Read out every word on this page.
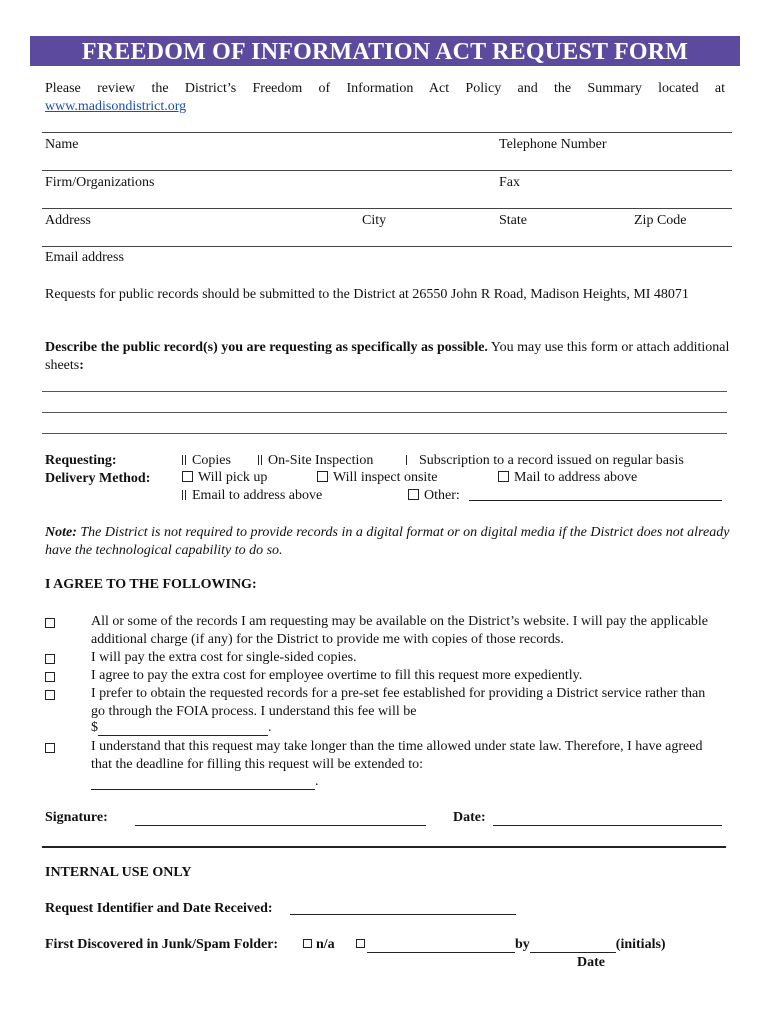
FREEDOM OF INFORMATION ACT REQUEST FORM
Please review the District’s Freedom of Information Act Policy and the Summary located at
www.madisondistrict.org
Name	Telephone Number
Firm/Organizations	Fax
Address	City	State	Zip Code
Email address
Requests for public records should be submitted to the District at 26550 John R Road, Madison Heights, MI 48071
Describe the public record(s) you are requesting as specifically as possible. You may use this form or attach additional sheets:
Requesting:	Copies	On-Site Inspection	Subscription to a record issued on regular basis
Delivery Method:	Will pick up	Will inspect onsite	Mail to address above
Email to address above	Other:
Note: The District is not required to provide records in a digital format or on digital media if the District does not already have the technological capability to do so.
I AGREE TO THE FOLLOWING:
All or some of the records I am requesting may be available on the District’s website. I will pay the applicable additional charge (if any) for the District to provide me with copies of those records.
I will pay the extra cost for single-sided copies.
I agree to pay the extra cost for employee overtime to fill this request more expediently.
I prefer to obtain the requested records for a pre-set fee established for providing a District service rather than go through the FOIA process. I understand this fee will be
$	.
I understand that this request may take longer than the time allowed under state law. Therefore, I have agreed that the deadline for filling this request will be extended to:
.
Signature:	Date:
INTERNAL USE ONLY
Request Identifier and Date Received:
First Discovered in Junk/Spam Folder:	n/a	by	(initials)
Date
